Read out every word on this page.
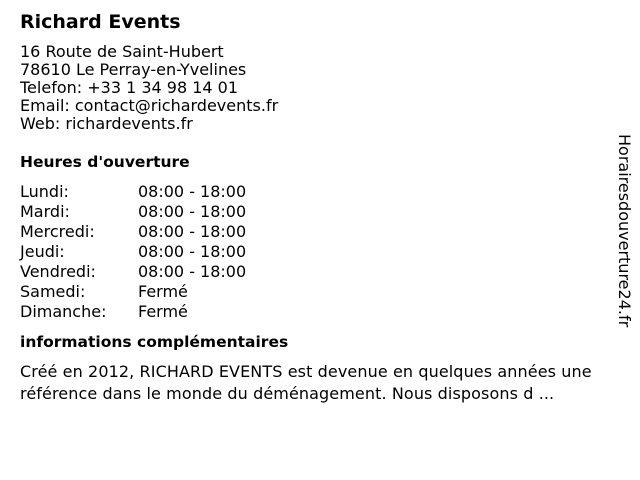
Richard Events
16 Route de Saint-Hubert
78610 Le Perray-en-Yvelines
Telefon: +33 1 34 98 14 01
Email: contact@richardevents.fr
Web: richardevents.fr
Heures d'ouverture
Lundi:	08:00 - 18:00
Mardi:	08:00 - 18:00
Mercredi:	08:00 - 18:00
Jeudi:	08:00 - 18:00
Vendredi:	08:00 - 18:00
Samedi:	Fermé
Dimanche: Fermé
informations complémentaires
Créé en 2012, RICHARD EVENTS est devenue en quelques années une référence dans le monde du déménagement. Nous disposons d ...
Horairesdouverture24.fr
